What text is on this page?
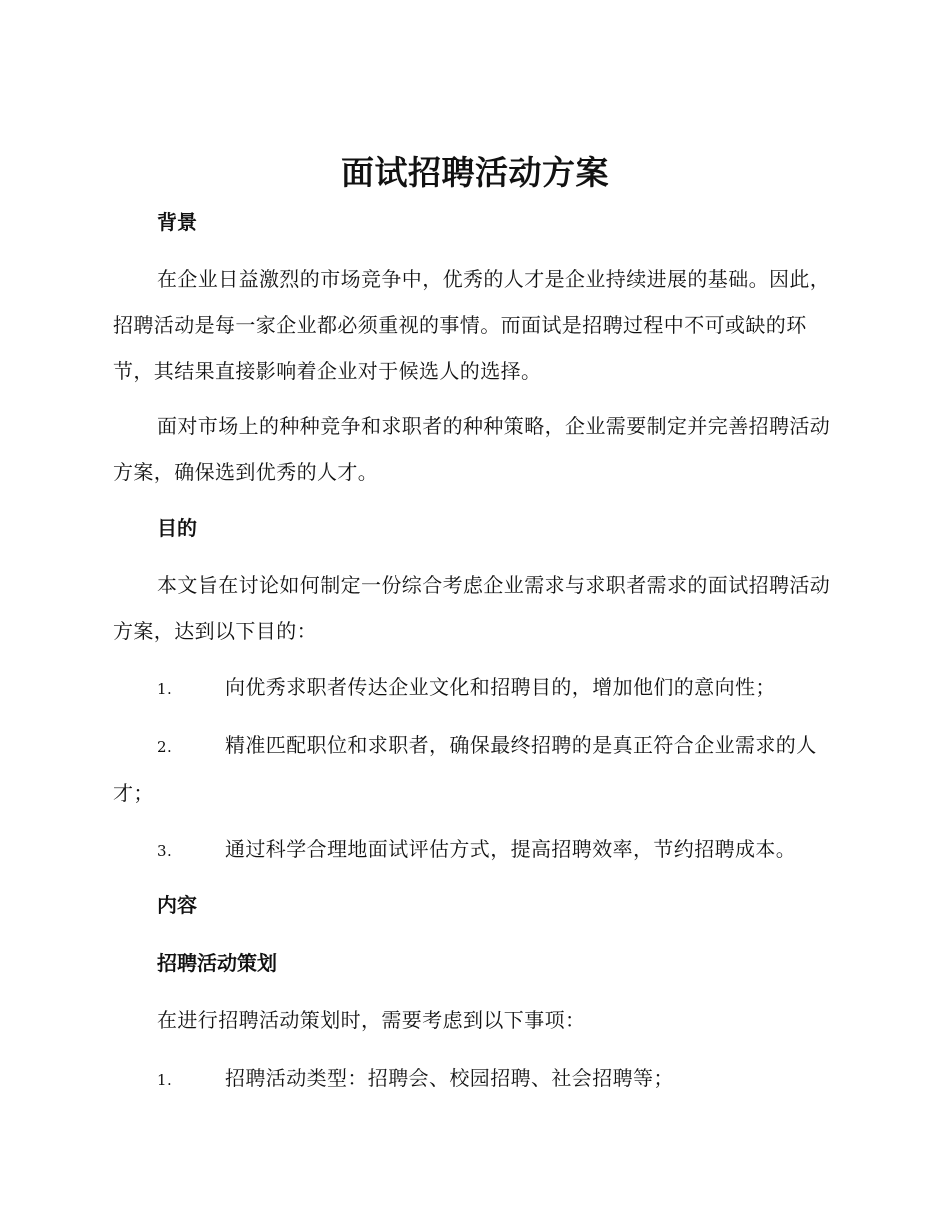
面试招聘活动方案
背景
在企业日益激烈的市场竞争中，优秀的人才是企业持续进展的基础。因此，招聘活动是每一家企业都必须重视的事情。而面试是招聘过程中不可或缺的环节，其结果直接影响着企业对于候选人的选择。
面对市场上的种种竞争和求职者的种种策略，企业需要制定并完善招聘活动方案，确保选到优秀的人才。
目的
本文旨在讨论如何制定一份综合考虑企业需求与求职者需求的面试招聘活动方案，达到以下目的：
1.	向优秀求职者传达企业文化和招聘目的，增加他们的意向性；
2.	精准匹配职位和求职者，确保最终招聘的是真正符合企业需求的人才；
3.	通过科学合理地面试评估方式，提高招聘效率，节约招聘成本。
内容
招聘活动策划
在进行招聘活动策划时，需要考虑到以下事项：
1.	招聘活动类型：招聘会、校园招聘、社会招聘等；
